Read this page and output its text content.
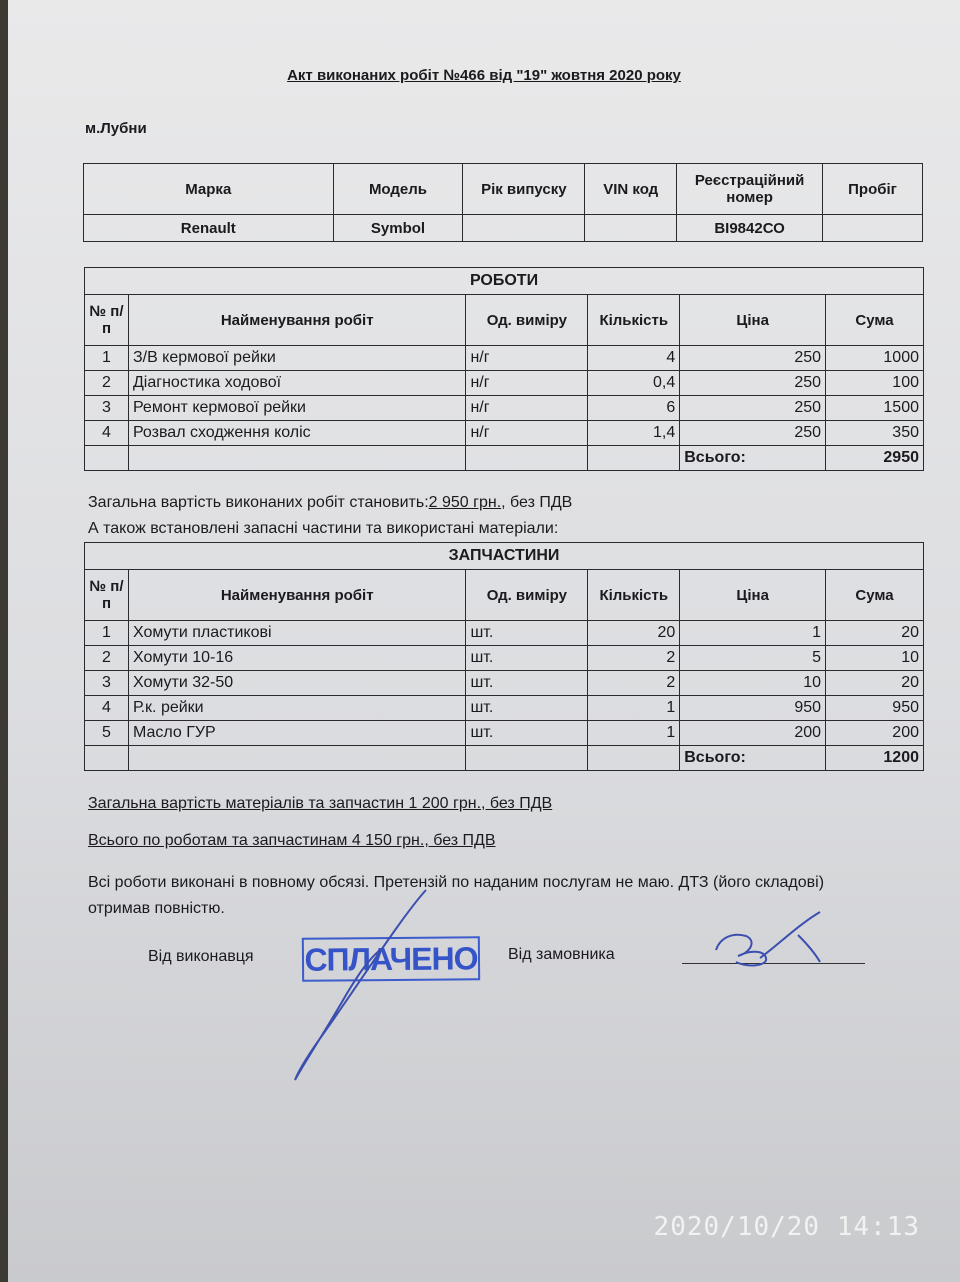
Акт виконаних робіт №466 від "19" жовтня 2020 року
м.Лубни
Марка	Модель	Рік випуску	VIN код	Реєстраційний номер	Пробіг
Renault	Symbol			ВІ9842СО	
РОБОТИ					
№ п/п	Найменування робіт	Од. виміру	Кількість	Ціна	Сума
1	З/В кермової рейки	н/г	4	250	1000
2	Діагностика ходової	н/г	0,4	250	100
3	Ремонт кермової рейки	н/г	6	250	1500
4	Розвал сходження коліс	н/г	1,4	250	350
				Всього:	2950
Загальна вартість виконаних робіт становить:2 950 грн., без ПДВ
А також встановлені запасні частини та використані матеріали:
ЗАПЧАСТИНИ					
№ п/п	Найменування робіт	Од. виміру	Кількість	Ціна	Сума
1	Хомути пластикові	шт.	20	1	20
2	Хомути 10-16	шт.	2	5	10
3	Хомути 32-50	шт.	2	10	20
4	Р.к. рейки	шт.	1	950	950
5	Масло ГУР	шт.	1	200	200
				Всього:	1200
Загальна вартість матеріалів та запчастин 1 200 грн., без ПДВ
Всього по роботам та запчастинам 4 150 грн., без ПДВ
Всі роботи виконані в повному обсязі. Претензій по наданим послугам не маю. ДТЗ (його складові) отримав повністю.
Від виконавця СПЛАЧЕНО Від замовника
2020/10/20 14:13
